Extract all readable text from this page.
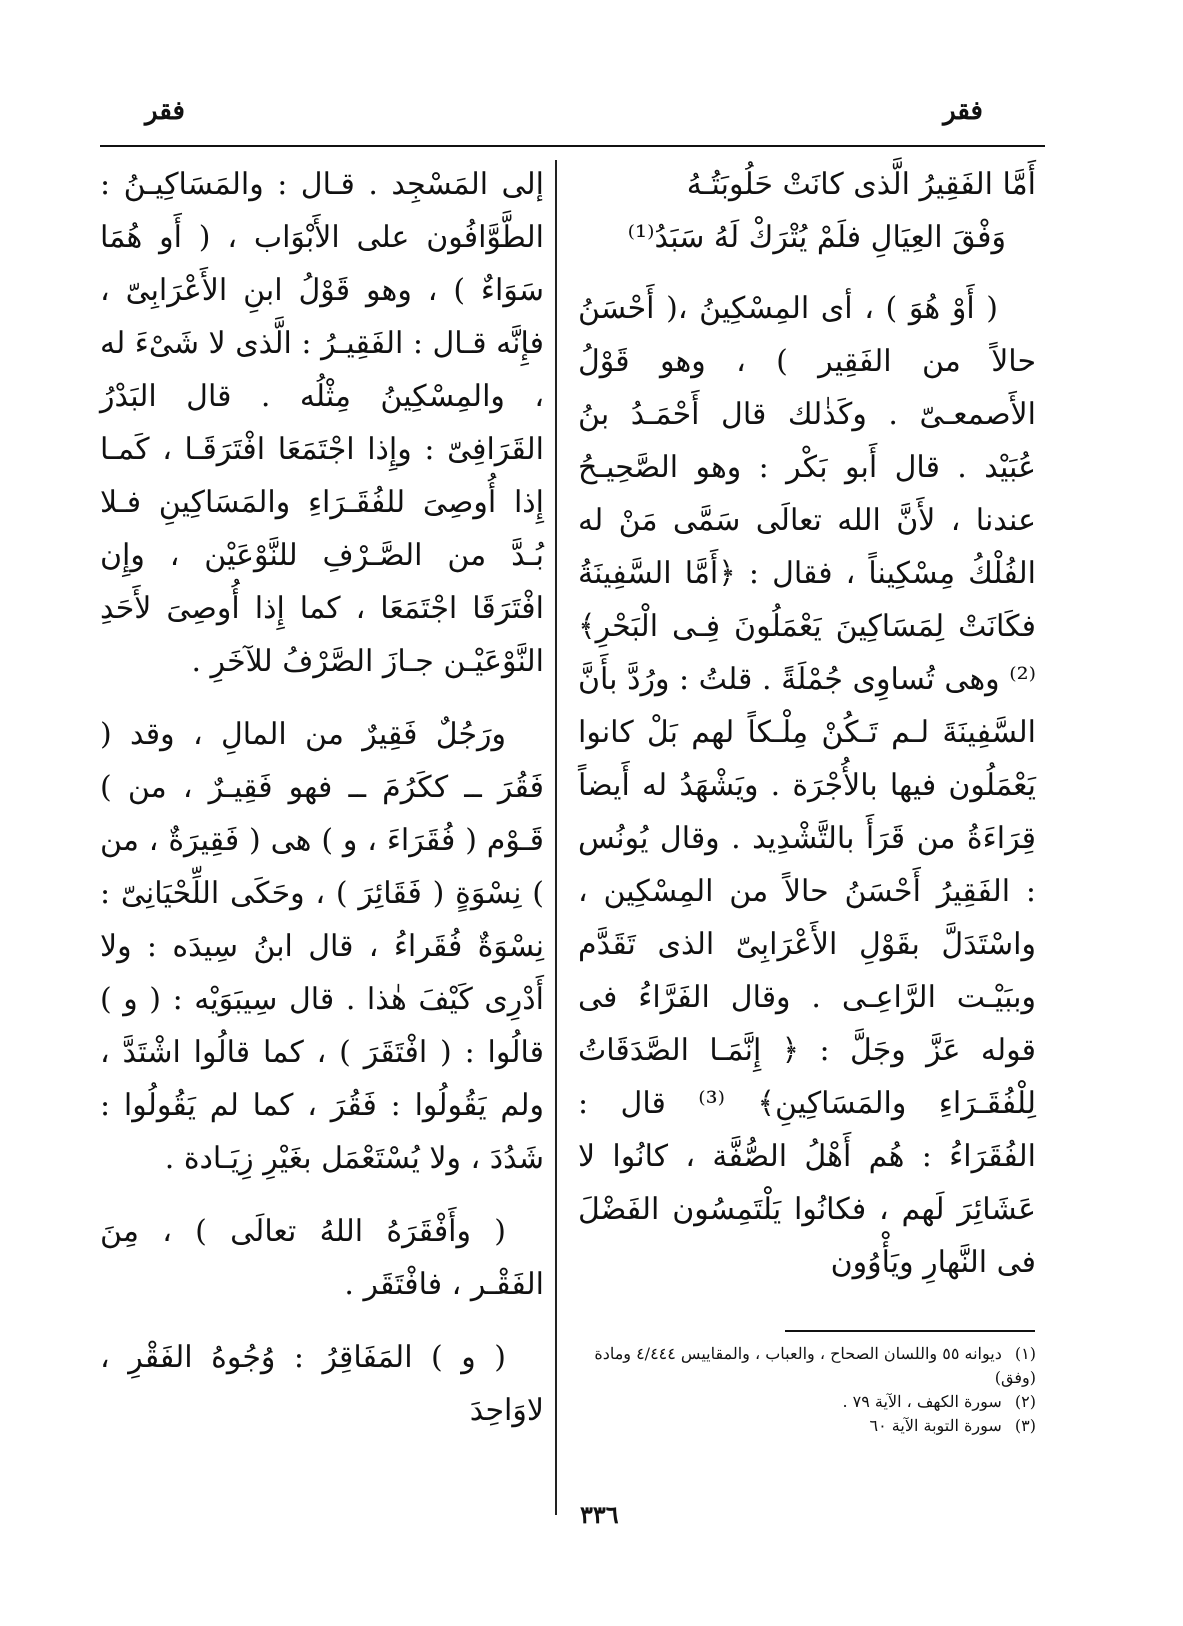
فقر
فقر
أَمَّا الفَقِيرُ الَّذى كانَتْ حَلُوبَتُـهُ
وَفْقَ العِيَالِ فلَمْ يُتْرَكْ لَهُ سَبَدُ⁽¹⁾

( أَوْ هُوَ ) ، أى المِسْكِينُ ،( أَحْسَنُ حالاً من الفَقِير ) ، وهو قَوْلُ الأَصمعـىّ . وكَذٰلك قال أَحْمَـدُ بنُ عُبَيْد . قال أَبو بَكْر : وهو الصَّحِيـحُ عندنا ، لأَنَّ الله تعالَى سَمَّى مَنْ له الفُلْكُ مِسْكِيناً ، فقال : ﴿أَمَّا السَّفِينَةُ فكَانَتْ لِمَسَاكِينَ يَعْمَلُونَ فِـى الْبَحْرِ﴾ ⁽²⁾ وهى تُساوِى جُمْلَةً . قلتُ : ورُدَّ بأَنَّ السَّفِينَةَ لـم تَـكُنْ مِلْـكاً لهم بَلْ كانوا يَعْمَلُون فيها بالأُجْرَة . ويَشْهَدُ له أَيضاً قِرَاءَةُ من قَرَأَ بالتَّشْدِيد . وقال يُونُس : الفَقِيرُ أَحْسَنُ حالاً من المِسْكِين ، واسْتَدَلَّ بقَوْلِ الأَعْرَابِىّ الذى تَقَدَّم وببَيْـت الرَّاعِـى . وقال الفَرَّاءُ فى قوله عَزَّ وجَلَّ : ﴿ إِنَّمَـا الصَّدَقَاتُ لِلْفُقَـرَاءِ والمَسَاكِينِ﴾ ⁽³⁾ قال : الفُقَرَاءُ : هُم أَهْلُ الصُّفَّة ، كانُوا لا عَشَائِرَ لَهم ، فكانُوا يَلْتَمِسُون الفَضْلَ فى النَّهارِ ويَأْوُون

إلى المَسْجِد . قـال : والمَسَاكِيـنُ : الطَّوَّافُون على الأَبْوَاب ، ( أَو هُمَا سَوَاءٌ ) ، وهو قَوْلُ ابنِ الأَعْرَابِىّ ، فإِنَّه قـال : الفَقِيـرُ : الَّذى لا شَىْءَ له ، والمِسْكِينُ مِثْلُه . قال البَدْرُ القَرَافِىّ : وإِذا اجْتَمَعَا افْتَرَقَـا ، كَمـا إِذا أُوصِىَ للفُقَـرَاءِ والمَسَاكِينِ فـلا بُـدَّ من الصَّـرْفِ للنَّوْعَيْن ، وإِن افْتَرَقَا اجْتَمَعَا ، كما إِذا أُوصِىَ لأَحَدِ النَّوْعَيْـن جـازَ الصَّرْفُ للآخَرِ .

ورَجُلٌ فَقِيرٌ من المالِ ، وقد ( فَقُرَ ــ ككَرُمَ ــ فهو فَقِيـرٌ ، من ) قَـوْم ( فُقَرَاءَ ، و ) هى ( فَقِيرَةٌ ، من ) نِسْوَةٍ ( فَقَائِرَ ) ، وحَكَى اللِّحْيَانِىّ : نِسْوَةٌ فُقَراءُ ، قال ابنُ سِيدَه : ولا أَدْرِى كَيْفَ هٰذا . قال سِيبَوَيْه : ( و ) قالُوا : ( افْتَقَرَ ) ، كما قالُوا اشْتَدَّ ، ولم يَقُولُوا : فَقُرَ ، كما لم يَقُولُوا : شَدُدَ ، ولا يُسْتَعْمَل بغَيْرِ زِيَـادة .

( وأَفْقَرَهُ اللهُ تعالَى ) ، مِنَ الفَقْـر ، فافْتَقَر .

( و ) المَفَاقِرُ : وُجُوهُ الفَقْرِ ، لاوَاحِدَ

(١) ديوانه ٥٥ واللسان الصحاح ، والعباب ، والمقاييس ٤/٤٤٤ ومادة (وفق)
(٢) سورة الكهف ، الآية ٧٩ .
(٣) سورة التوبة الآية ٦٠
٣٣٦
